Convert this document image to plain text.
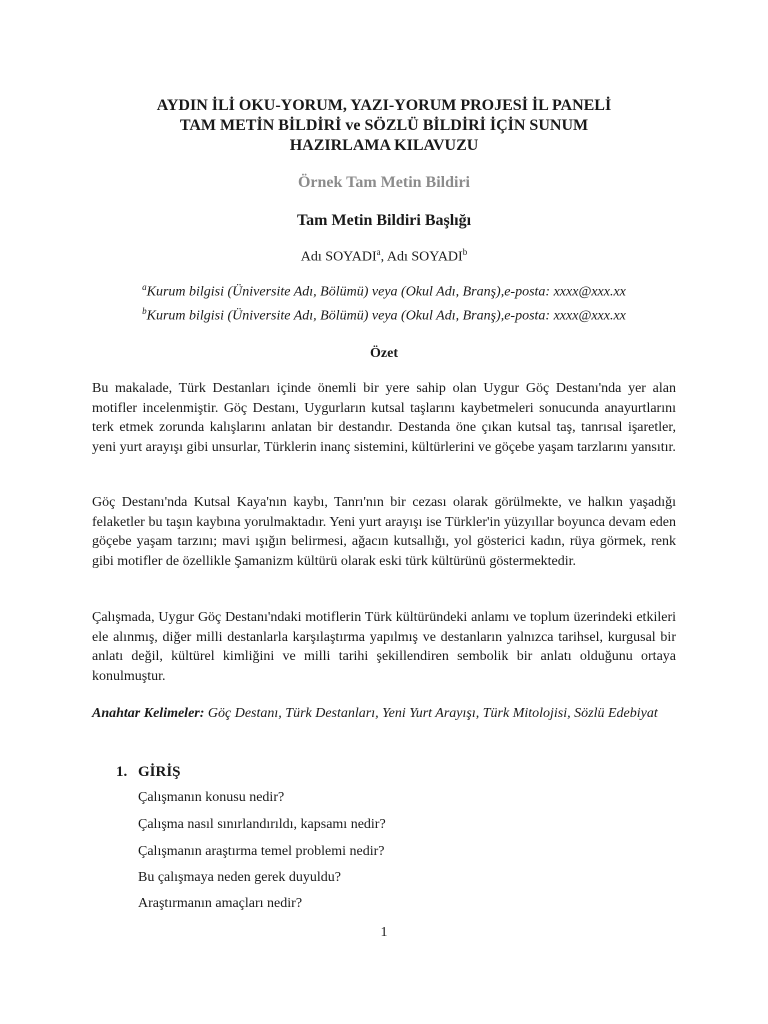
AYDIN İLİ OKU-YORUM, YAZI-YORUM PROJESİ İL PANELİ
TAM METİN BİLDİRİ ve SÖZLÜ BİLDİRİ İÇİN SUNUM
HAZIRLAMA KILAVUZU
Örnek Tam Metin Bildiri
Tam Metin Bildiri Başlığı
Adı SOYADI$^a$, Adı SOYADI$^b$
$^a$Kurum bilgisi (Üniversite Adı, Bölümü) veya (Okul Adı, Branş),e-posta: xxxx@xxx.xx
$^b$Kurum bilgisi (Üniversite Adı, Bölümü) veya (Okul Adı, Branş),e-posta: xxxx@xxx.xx
Özet

Bu makalade, Türk Destanları içinde önemli bir yere sahip olan Uygur Göç Destanı'nda yer alan motifler incelenmiştir. Göç Destanı, Uygurların kutsal taşlarını kaybetmeleri sonucunda anayurtlarını terk etmek zorunda kalışlarını anlatan bir destandır. Destanda öne çıkan kutsal taş, tanrısal işaretler, yeni yurt arayışı gibi unsurlar, Türklerin inanç sistemini, kültürlerini ve göçebe yaşam tarzlarını yansıtır.

Göç Destanı'nda Kutsal Kaya'nın kaybı, Tanrı'nın bir cezası olarak görülmekte, ve halkın yaşadığı felaketler bu taşın kaybına yorulmaktadır. Yeni yurt arayışı ise Türkler'in yüzyıllar boyunca devam eden göçebe yaşam tarzını; mavi ışığın belirmesi, ağacın kutsallığı, yol gösterici kadın, rüya görmek, renk gibi motifler de özellikle Şamanizm kültürü olarak eski türk kültürünü göstermektedir.

Çalışmada, Uygur Göç Destanı'ndaki motiflerin Türk kültüründeki anlamı ve toplum üzerindeki etkileri ele alınmış, diğer milli destanlarla karşılaştırma yapılmış ve destanların yalnızca tarihsel, kurgusal bir anlatı değil, kültürel kimliğini ve milli tarihi şekillendiren sembolik bir anlatı olduğunu ortaya konulmuştur.

Anahtar Kelimeler: Göç Destanı, Türk Destanları, Yeni Yurt Arayışı, Türk Mitolojisi, Sözlü Edebiyat

1. GİRİŞ
Çalışmanın konusu nedir?
Çalışma nasıl sınırlandırıldı, kapsamı nedir?
Çalışmanın araştırma temel problemi nedir?
Bu çalışmaya neden gerek duyuldu?
Araştırmanın amaçları nedir?
1
